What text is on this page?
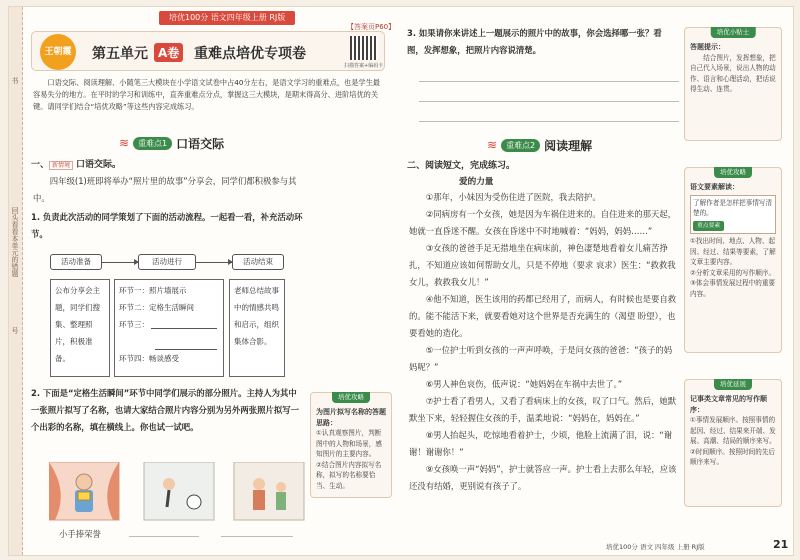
书
回头看看本单元的错题
号
培优100分 语文四年级上册 RJ版
【答案页P60】
王朝霞	第五单元 A卷 重难点培优专项卷
扫描答案+编码卡
口语交际、阅读理解、小随笔三大模块在小学语文试卷中占40分左右，是语文学习的重难点，也是学生最容易失分的地方。在平时的学习和训练中，直奔重难点分点，掌握这三大模块，是期末得高分、进阶培优的关键。请同学们结合“培优攻略”等这些内容完成练习。
≋	重难点1 口语交际
一、 新情境 口语交际。
四年级(1)班即将举办“照片里的故事”分享会，同学们都积极参与其中。
1. 负责此次活动的同学策划了下面的活动流程。一起看一看，补充活动环节。
活动准备	活动进行	活动结束
公布分享会主题，同学们搜集、整理照片，积极准备。
环节一：照片墙展示
环节二：定格生活瞬间
环节三：
环节四：畅谈感受
老师总结故事中的情感共鸣和启示，组织集体合影。
2. 下面是“定格生活瞬间”环节中同学们展示的部分照片。主持人为其中一张照片拟写了名称，也请大家结合照片内容分别为另外两张照片拟写一个出彩的名称，填在横线上。你也试一试吧。
小手捧荣誉
培优攻略
为图片拟写名称的答题思路：
①认真观察图片，判断图中的人物和场景，感知图片的主要内容。
②结合图片内容拟写名称，拟写的名称要恰当、生动。
3. 如果请你来讲述上一题展示的照片中的故事，你会选择哪一张？看图，发挥想象，把照片内容说清楚。
培优小贴士
答题提示：
结合图片，发挥想象，把自己代入场景，说出人物的动作、语言和心理活动，把话说得生动、连贯。
≋	重难点2 阅读理解
二、阅读短文，完成练习。
爱的力量
①那年，小妹因为受伤住进了医院，我去陪护。
②同病房有一个女孩，她是因为车祸住进来的。自住进来的那天起，她就一直昏迷不醒。女孩在昏迷中不时地喊着：“妈妈，妈妈……”
③女孩的爸爸手足无措地坐在病床前，神色凄楚地看着女儿痛苦挣扎，不知道应该如何帮助女儿，只是不停地（要求 哀求）医生：“救救我女儿，救救我女儿！”
④他不知道，医生该用的药都已经用了，而病人，有时候也是要自救的。能不能活下来，就要看她对这个世界是否充满生的（渴望 盼望），也要看她的造化。
⑤一位护士听到女孩的一声声呼唤，于是问女孩的爸爸：“孩子的妈妈呢？”
⑥男人神色哀伤，低声说：“她妈妈在车祸中去世了。”
⑦护士看了看男人，又看了看病床上的女孩，叹了口气。然后，她默默坐下来，轻轻握住女孩的手，温柔地说：“妈妈在，妈妈在。”
⑧男人抬起头，吃惊地看着护士，少顷，他脸上流满了泪，说：“谢谢！谢谢你！”
⑨女孩唤一声“妈妈”，护士就答应一声。护士看上去那么年轻，应该还没有结婚，更别说有孩子了。
培优攻略
语文要素解读：
了解作者是怎样把事情写清楚的。
重点要素
①找出时间、地点、人物、起因、经过、结果等要素，了解文章主要内容。
②分析文章采用的写作顺序。
③体会事情发展过程中的重要内容。
培优延展
记事类文章常见的写作顺序：
①事情发展顺序。按照事情的起因、经过、结果来开端、发展、高潮、结局的顺序来写。
②时间顺序。按照时间的先后顺序来写。
培优100分 语文 四年级 上册 RJ版	21
